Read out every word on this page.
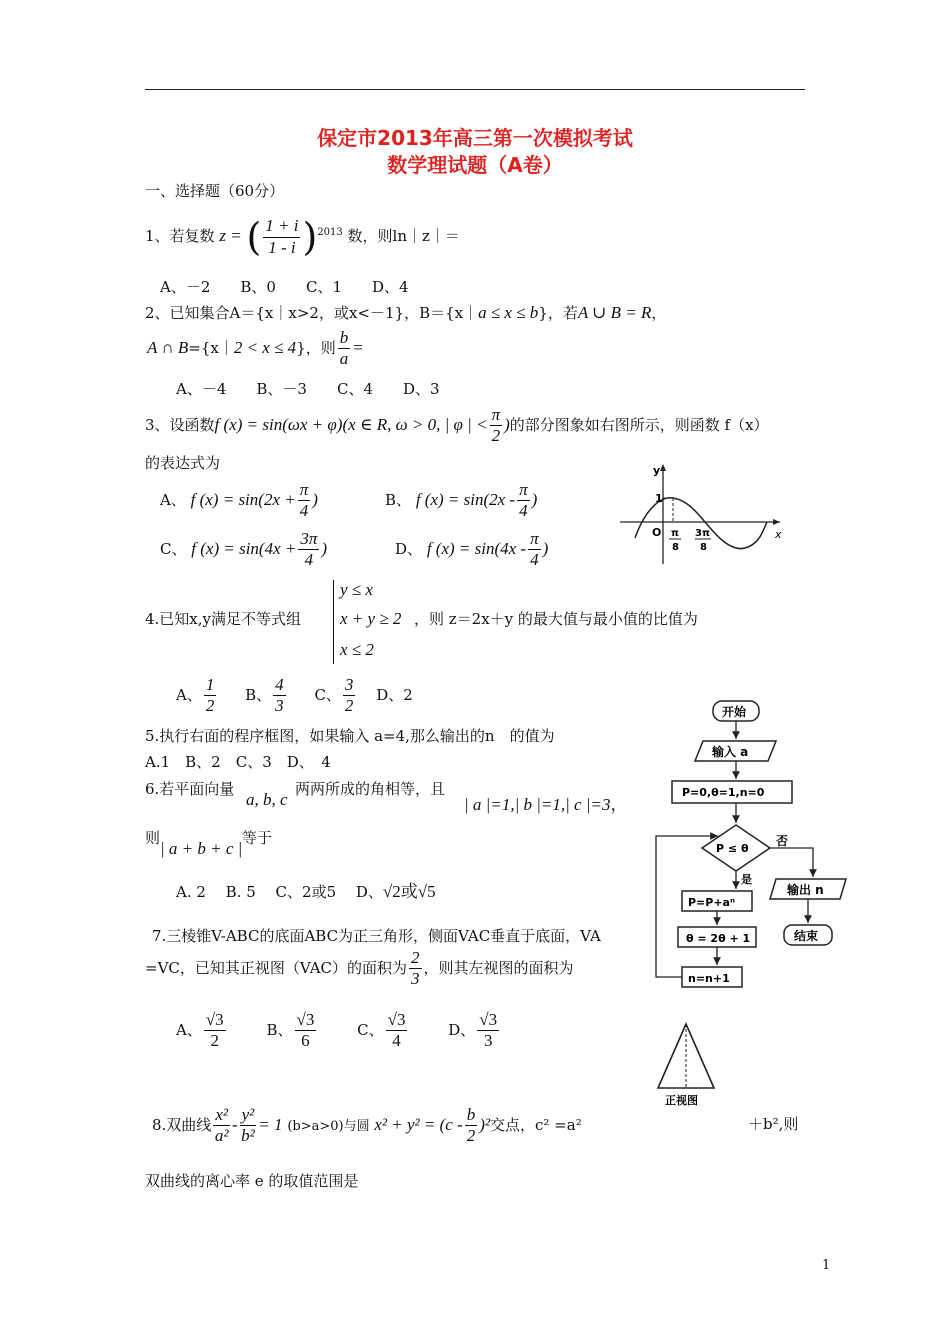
保定市2013年高三第一次模拟考试
数学理试题（A卷）
一、选择题（60分）
1、若复数 z = ( $\frac{1 + i}{1 - i} )^{2013}$ 数，则ln｜z｜＝
A、－2 B、0 C、1 D、4
2、已知集合A＝{x｜x>2，或x<－1}，B＝{x｜a ≤ x ≤ b}，若A ∪ B = R，
A ∩ B={x｜2 < x ≤ 4}，则 $\frac{b}{a}$ =
A、－4 B、－3 C、4 D、3
3、设函数f (x) = sin(ωx + φ)(x ∈ R, ω > 0, | φ | < $\frac{\pi}{2}$ )的部分图象如右图所示，则函数 f（x）
的表达式为
A、 f $(x) = \sin(2x + \frac{\pi}{4}$ )	B、 f $(x) = \sin(2x - \frac{\pi}{4}$ )
C、 f $(x) = \sin(4x + \frac{3\pi}{4}$ )	D、 f $(x) = \sin(4x - \frac{\pi}{4}$ )
y
x
O
1
π
8
3π
8
4.已知x,y满足不等式组
y ≤ x
x + y ≥ 2
x ≤ 2
，则 z＝2x＋y 的最大值与最小值的比值为
A、 $\frac{1}{2}$ B、 $\frac{4}{3}$ C、 $\frac{3}{2}$ D、2
5.执行右面的程序框图，如果输入 a=4,那么输出的n　的值为
A.1　B、2　C、3　D、　4
开始
输入 a
P=0,θ=1,n=0
P ≤ θ
否
是
P=P+aⁿ
θ = 2θ + 1
n=n+1
输出 n
结束
6.若平面向量
a, b, c
两两所成的角相等，且
| a |=1,| b |=1,| c |=3，
则
| a + b + c |
等于
A. 2　 B. 5　 C、2或5　 D、√2或√5
7.三棱锥V-ABC的底面ABC为正三角形，侧面VAC垂直于底面，VA
=VC，已知其正视图（VAC）的面积为 $\frac{2}{3}$ ，则其左视图的面积为
A、 $\frac{√3}{2}$	B、 $\frac{√3}{6}$	C、 $\frac{√3}{4}$	D、 $\frac{√3}{3}$
正视图
8.双曲线 $\frac{\text{x²}}{\text{a²}} - \frac{\text{y²}}{\text{b²}} = 1$ (b>a>0)与圆 $x^2 + y^2 = (c - \frac{b}{2} )^2$交点，c² =a²	＋b²,则
双曲线的离心率 e 的取值范围是
1
